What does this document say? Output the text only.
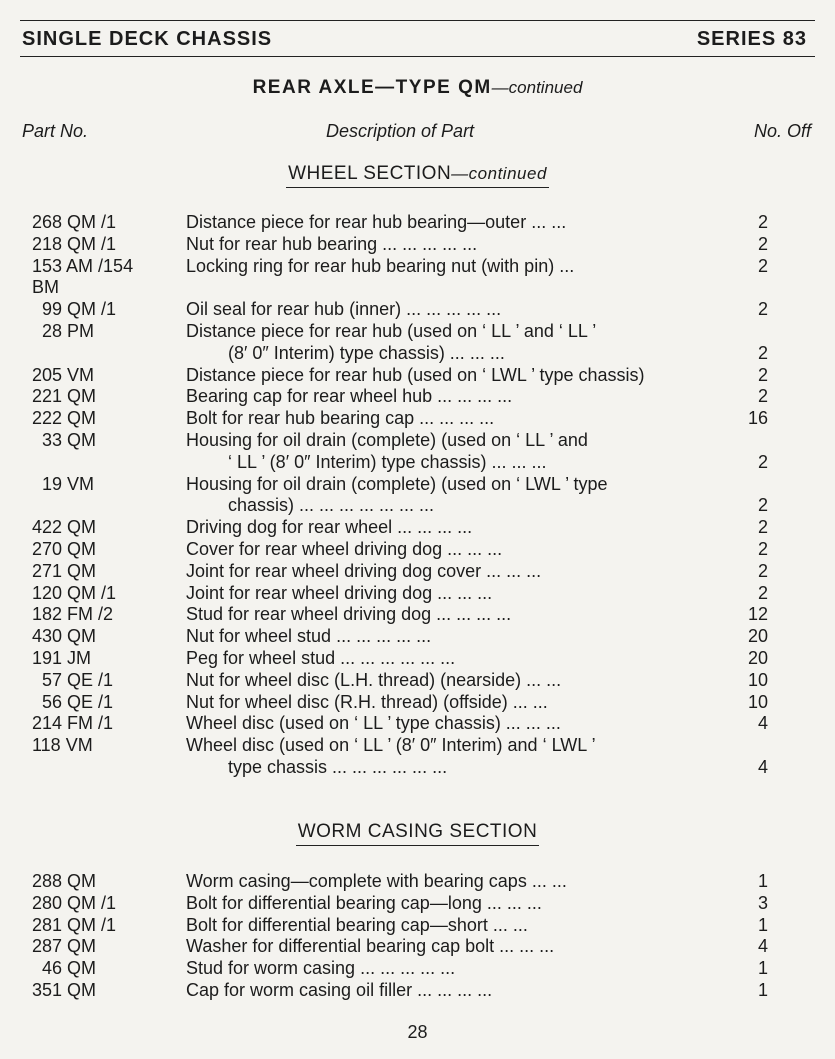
SINGLE DECK CHASSIS	SERIES 83
REAR AXLE—TYPE QM—continued
Part No.	Description of Part	No. Off
WHEEL SECTION—continued
268 QM /1	Distance piece for rear hub bearing—outer ... ...	2
218 QM /1	Nut for rear hub bearing ... ... ... ... ...	2
153 AM /154	Locking ring for rear hub bearing nut (with pin) ...	2
BM

99 QM /1	Oil seal for rear hub (inner) ... ... ... ... ...	2
28 PM	Distance piece for rear hub (used on ‘ LL ’ and ‘ LL ’
(8′ 0″ Interim) type chassis) ... ... ...	2
205 VM	Distance piece for rear hub (used on ‘ LWL ’ type chassis)	2
221 QM	Bearing cap for rear wheel hub ... ... ... ...	2
222 QM	Bolt for rear hub bearing cap ... ... ... ...	16
33 QM	Housing for oil drain (complete) (used on ‘ LL ’ and
‘ LL ’ (8′ 0″ Interim) type chassis) ... ... ...	2
19 VM	Housing for oil drain (complete) (used on ‘ LWL ’ type
chassis) ... ... ... ... ... ... ...	2
422 QM	Driving dog for rear wheel ... ... ... ...	2
270 QM	Cover for rear wheel driving dog ... ... ...	2
271 QM	Joint for rear wheel driving dog cover ... ... ...	2
120 QM /1	Joint for rear wheel driving dog ... ... ...	2
182 FM /2	Stud for rear wheel driving dog ... ... ... ...	12
430 QM	Nut for wheel stud ... ... ... ... ...	20
191 JM	Peg for wheel stud ... ... ... ... ... ...	20
57 QE /1	Nut for wheel disc (L.H. thread) (nearside) ... ...	10
56 QE /1	Nut for wheel disc (R.H. thread) (offside) ... ...	10
214 FM /1	Wheel disc (used on ‘ LL ’ type chassis) ... ... ...	4
118 VM	Wheel disc (used on ‘ LL ’ (8′ 0″ Interim) and ‘ LWL ’
type chassis ... ... ... ... ... ...	4
WORM CASING SECTION
288 QM	Worm casing—complete with bearing caps ... ...	1
280 QM /1	Bolt for differential bearing cap—long ... ... ...	3
281 QM /1	Bolt for differential bearing cap—short ... ...	1
287 QM	Washer for differential bearing cap bolt ... ... ...	4
46 QM	Stud for worm casing ... ... ... ... ...	1
351 QM	Cap for worm casing oil filler ... ... ... ...	1
28
